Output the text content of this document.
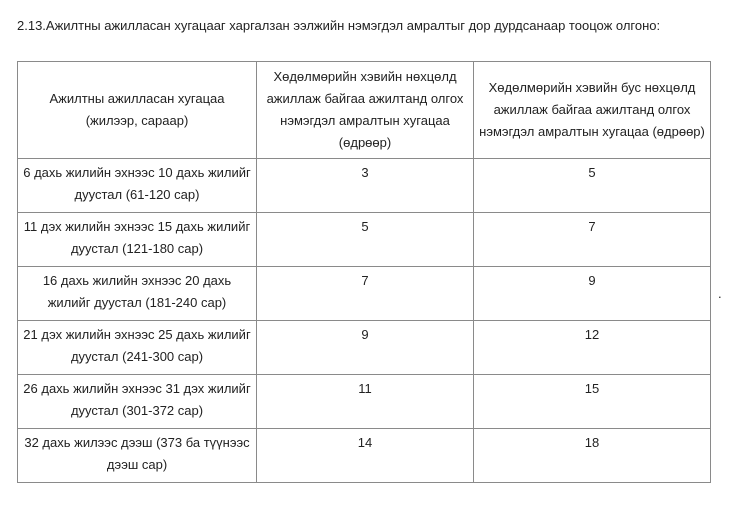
2.13.Ажилтны ажилласан хугацааг харгалзан ээлжийн нэмэгдэл амралтыг дор дурдсанаар тооцож олгоно:
Ажилтны ажилласан хугацаа (жилээр, сараар)	Хөдөлмөрийн хэвийн нөхцөлд ажиллаж байгаа ажилтанд олгох нэмэгдэл амралтын хугацаа (өдрөөр)	Хөдөлмөрийн хэвийн бус нөхцөлд ажиллаж байгаа ажилтанд олгох нэмэгдэл амралтын хугацаа (өдрөөр)
6 дахь жилийн эхнээс 10 дахь жилийг дуустал (61-120 сар)	3	5
11 дэх жилийн эхнээс 15 дахь жилийг дуустал (121-180 сар)	5	7
16 дахь жилийн эхнээс 20 дахь жилийг дуустал (181-240 сар)	7	9
21 дэх жилийн эхнээс 25 дахь жилийг дуустал (241-300 сар)	9	12
26 дахь жилийн эхнээс 31 дэх жилийг дуустал (301-372 сар)	11	15
32 дахь жилээс дээш (373 ба түүнээс дээш сар)	14	18
.
